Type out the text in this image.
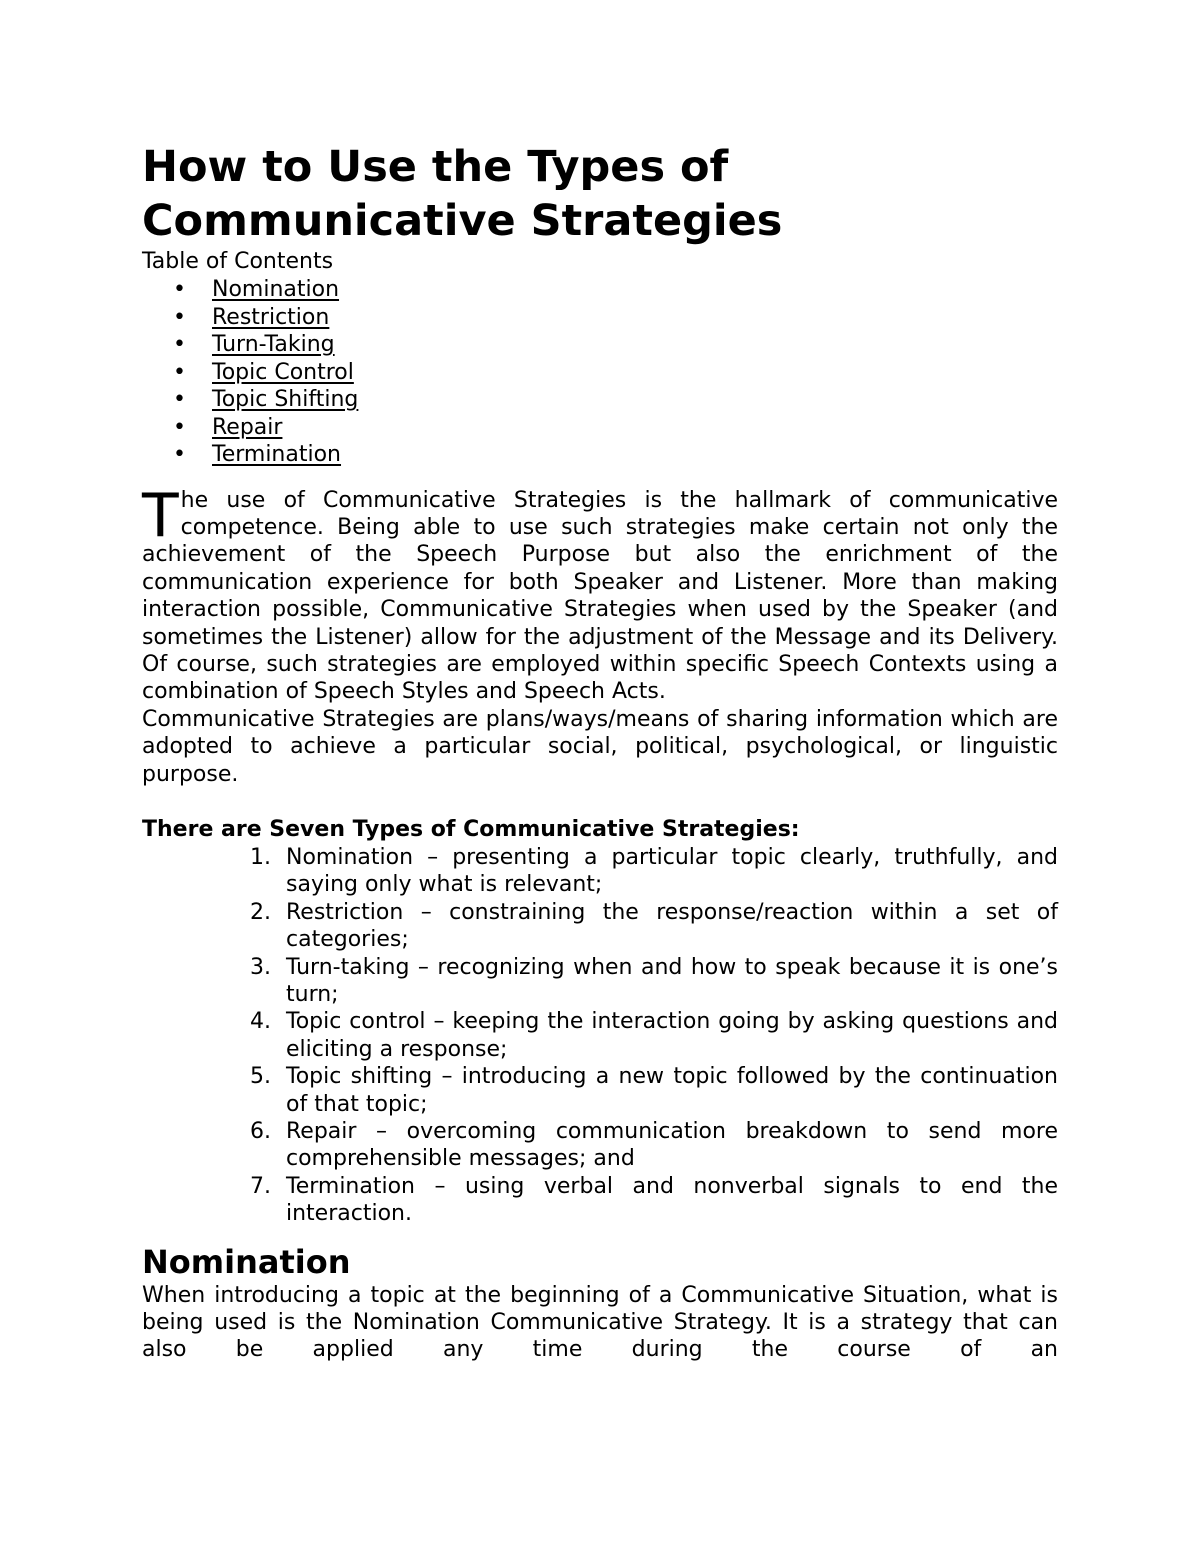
How to Use the Types of
Communicative Strategies

Table of Contents

• Nomination
• Restriction
• Turn-Taking
• Topic Control
• Topic Shifting
• Repair
• Termination

The use of Communicative Strategies is the hallmark of communicative competence. Being able to use such strategies make certain not only the achievement of the Speech Purpose but also the enrichment of the communication experience for both Speaker and Listener. More than making interaction possible, Communicative Strategies when used by the Speaker (and sometimes the Listener) allow for the adjustment of the Message and its Delivery. Of course, such strategies are employed within specific Speech Contexts using a combination of Speech Styles and Speech Acts.

Communicative Strategies are plans/ways/means of sharing information which are adopted to achieve a particular social, political, psychological, or linguistic purpose.

There are Seven Types of Communicative Strategies:

1. Nomination – presenting a particular topic clearly, truthfully, and saying only what is relevant;
2. Restriction – constraining the response/reaction within a set of categories;
3. Turn-taking – recognizing when and how to speak because it is one’s turn;
4. Topic control – keeping the interaction going by asking questions and eliciting a response;
5. Topic shifting – introducing a new topic followed by the continuation of that topic;
6. Repair – overcoming communication breakdown to send more comprehensible messages; and
7. Termination – using verbal and nonverbal signals to end the interaction.
Nomination

When introducing a topic at the beginning of a Communicative Situation, what is being used is the Nomination Communicative Strategy. It is a strategy that can also be applied any time during the course of an
